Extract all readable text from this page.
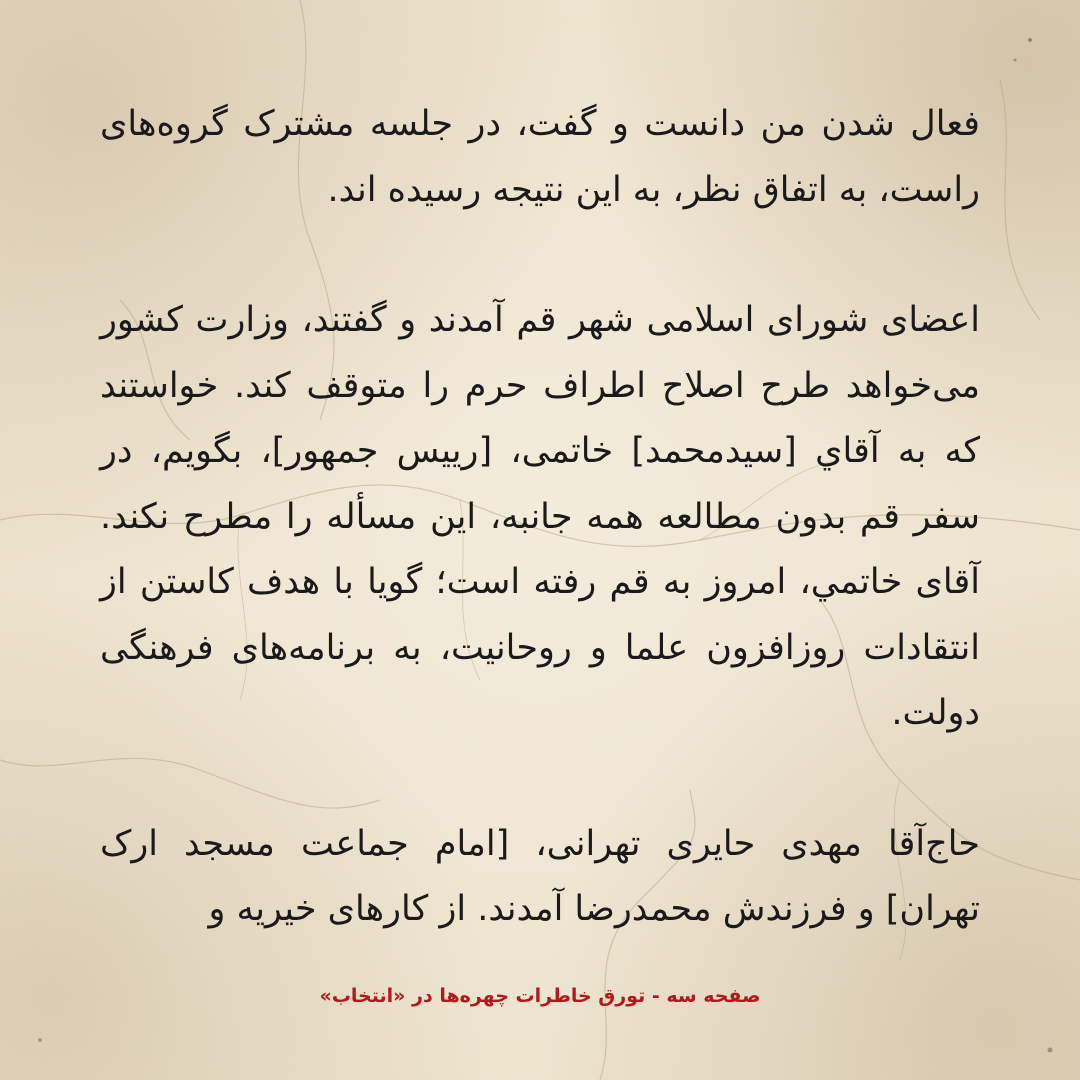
فعال شدن من دانست و گفت، در جلسه مشترک گروه‌های راست، به اتفاق نظر، به این نتیجه رسیده اند.

اعضای شورای اسلامی شهر قم آمدند و گفتند، وزارت کشور می‌خواهد طرح اصلاح اطراف حرم را متوقف کند. خواستند که به آقاي [سیدمحمد] خاتمی، [رییس جمهور]، بگویم، در سفر قم بدون مطالعه همه جانبه، این مسأله را مطرح نکند. آقای خاتمي، امروز به قم رفته است؛ گویا با هدف کاستن از انتقادات روزافزون علما و روحانیت، به برنامه‌های فرهنگی دولت.

حاج‌آقا مهدی حایری تهرانی، [امام جماعت مسجد ارک تهران] و فرزندش محمدرضا آمدند. از کارهای خیریه و

صفحه سه - تورق خاطرات چهره‌ها در «انتخاب»
